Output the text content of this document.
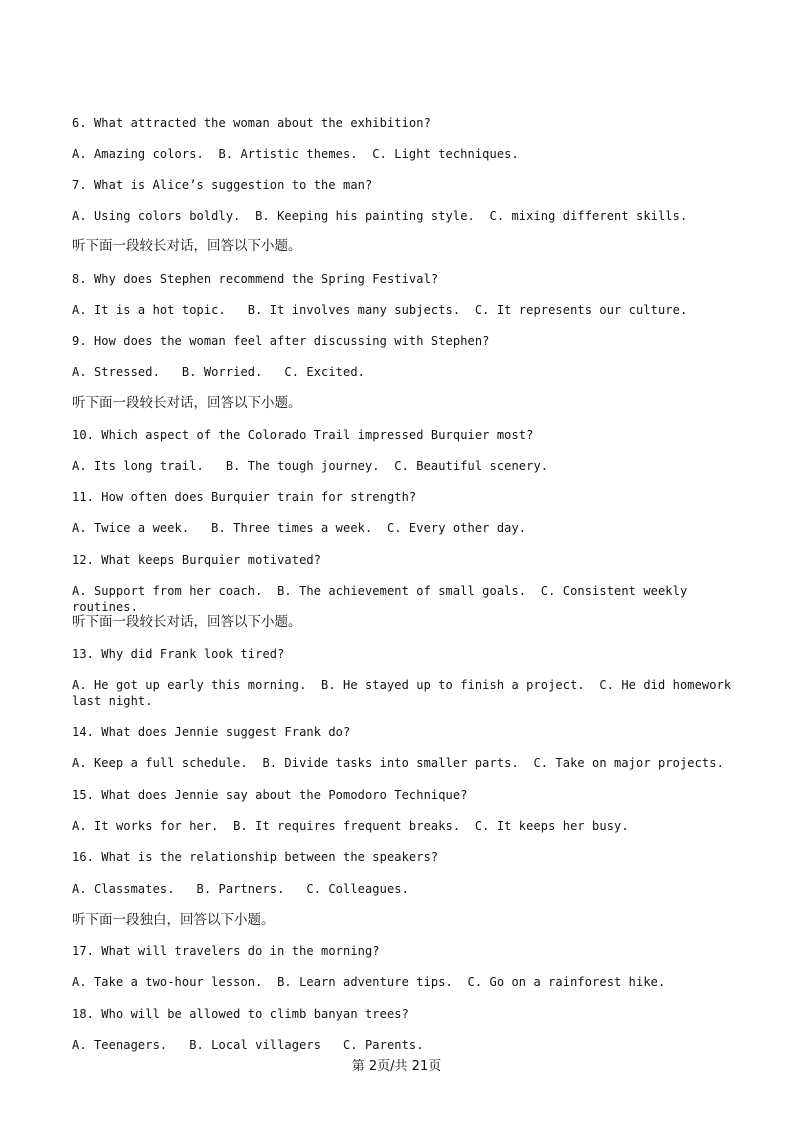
6. What attracted the woman about the exhibition?
A. Amazing colors.  B. Artistic themes.  C. Light techniques.
7. What is Alice’s suggestion to the man?
A. Using colors boldly.  B. Keeping his painting style.  C. mixing different skills.
听下面一段较长对话，回答以下小题。
8. Why does Stephen recommend the Spring Festival?
A. It is a hot topic.   B. It involves many subjects.  C. It represents our culture.
9. How does the woman feel after discussing with Stephen?
A. Stressed.   B. Worried.   C. Excited.
听下面一段较长对话，回答以下小题。
10. Which aspect of the Colorado Trail impressed Burquier most?
A. Its long trail.   B. The tough journey.  C. Beautiful scenery.
11. How often does Burquier train for strength?
A. Twice a week.   B. Three times a week.  C. Every other day.
12. What keeps Burquier motivated?
A. Support from her coach.  B. The achievement of small goals.  C. Consistent weekly routines.
听下面一段较长对话，回答以下小题。
13. Why did Frank look tired?
A. He got up early this morning.  B. He stayed up to finish a project.  C. He did homework last night.
14. What does Jennie suggest Frank do?
A. Keep a full schedule.  B. Divide tasks into smaller parts.  C. Take on major projects.
15. What does Jennie say about the Pomodoro Technique?
A. It works for her.  B. It requires frequent breaks.  C. It keeps her busy.
16. What is the relationship between the speakers?
A. Classmates.   B. Partners.   C. Colleagues.
听下面一段独白，回答以下小题。
17. What will travelers do in the morning?
A. Take a two-hour lesson.  B. Learn adventure tips.  C. Go on a rainforest hike.
18. Who will be allowed to climb banyan trees?
A. Teenagers.   B. Local villagers   C. Parents.
第 2页/共 21页
